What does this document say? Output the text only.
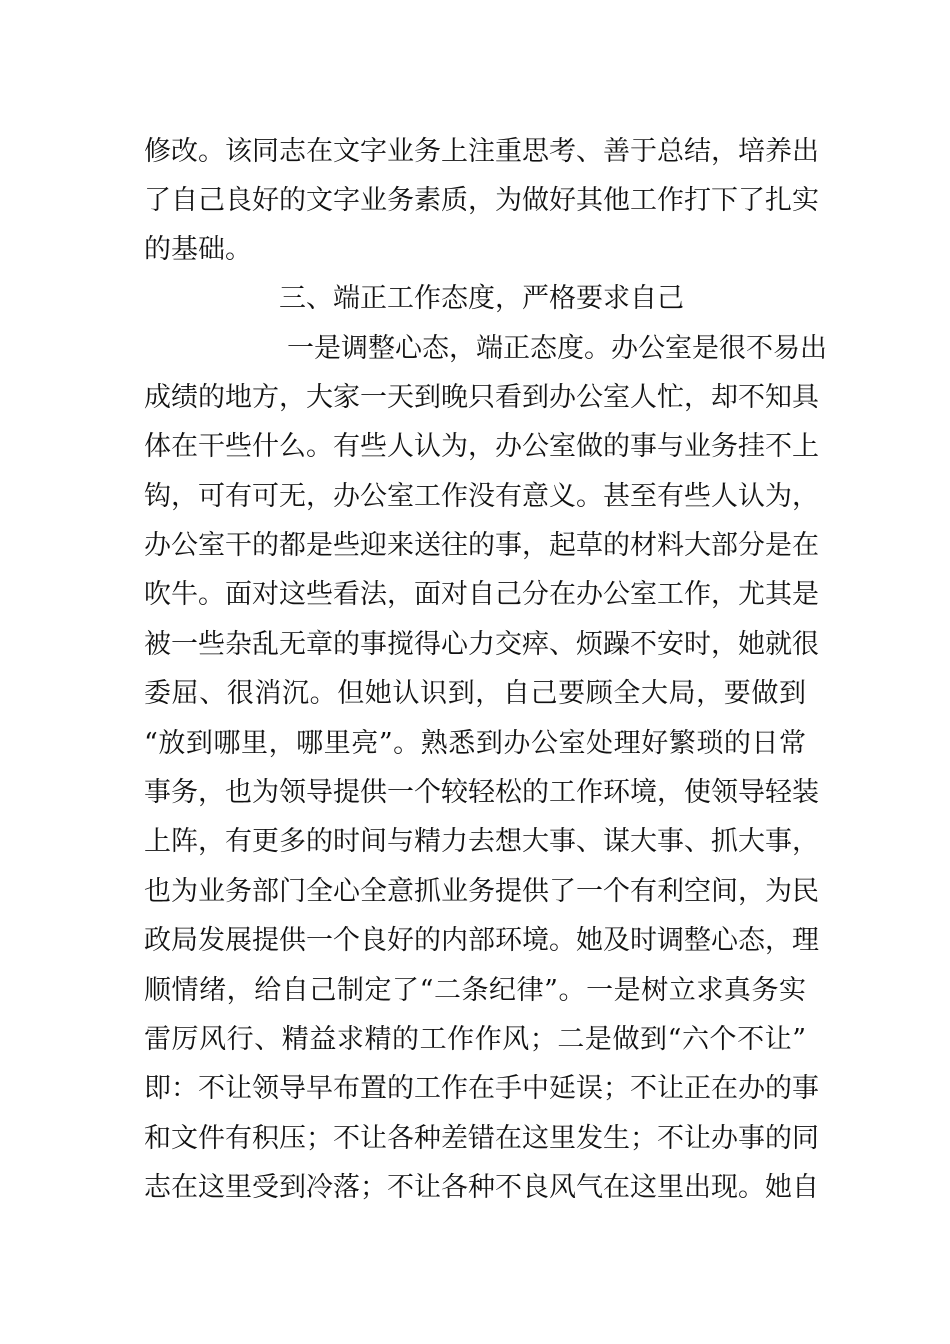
修改。该同志在文字业务上注重思考、善于总结，培养出
了自己良好的文字业务素质，为做好其他工作打下了扎实
的基础。
三、端正工作态度，严格要求自己
一是调整心态，端正态度。办公室是很不易出
成绩的地方，大家一天到晚只看到办公室人忙，却不知具
体在干些什么。有些人认为，办公室做的事与业务挂不上
钩，可有可无，办公室工作没有意义。甚至有些人认为，
办公室干的都是些迎来送往的事，起草的材料大部分是在
吹牛。面对这些看法，面对自己分在办公室工作，尤其是
被一些杂乱无章的事搅得心力交瘁、烦躁不安时，她就很
委屈、很消沉。但她认识到，自己要顾全大局，要做到
“放到哪里，哪里亮”。熟悉到办公室处理好繁琐的日常
事务，也为领导提供一个较轻松的工作环境，使领导轻装
上阵，有更多的时间与精力去想大事、谋大事、抓大事，
也为业务部门全心全意抓业务提供了一个有利空间，为民
政局发展提供一个良好的内部环境。她及时调整心态，理
顺情绪，给自己制定了“二条纪律”。一是树立求真务实
雷厉风行、精益求精的工作作风；二是做到“六个不让”
即：不让领导早布置的工作在手中延误；不让正在办的事
和文件有积压；不让各种差错在这里发生；不让办事的同
志在这里受到冷落；不让各种不良风气在这里出现。她自
